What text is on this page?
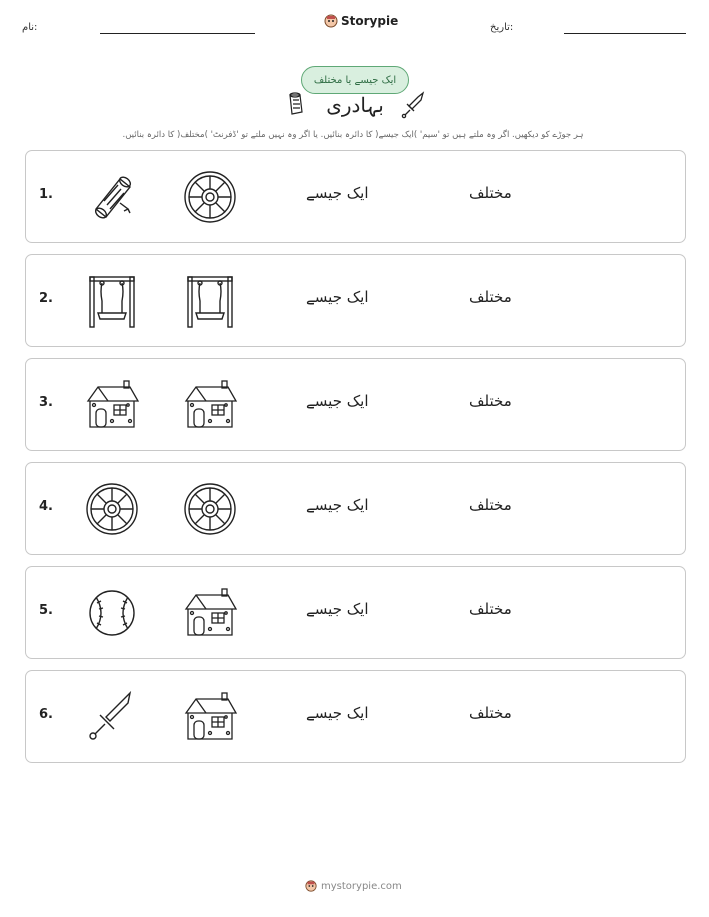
نام:	Storypie	تاریخ:
ایک جیسے یا مختلف
بہادری
ہر جوڑے کو دیکھیں. اگر وہ ملتے ہیں تو 'سیم' )ایک جیسے( کا دائرہ بنائیں. یا اگر وہ نہیں ملتے تو 'ڈفرنٹ' )مختلف( کا دائرہ بنائیں.
1.	ایک جیسے	مختلف
2.	ایک جیسے	مختلف
3.	ایک جیسے	مختلف
4.	ایک جیسے	مختلف
5.	ایک جیسے	مختلف
6.	ایک جیسے	مختلف
mystorypie.com
